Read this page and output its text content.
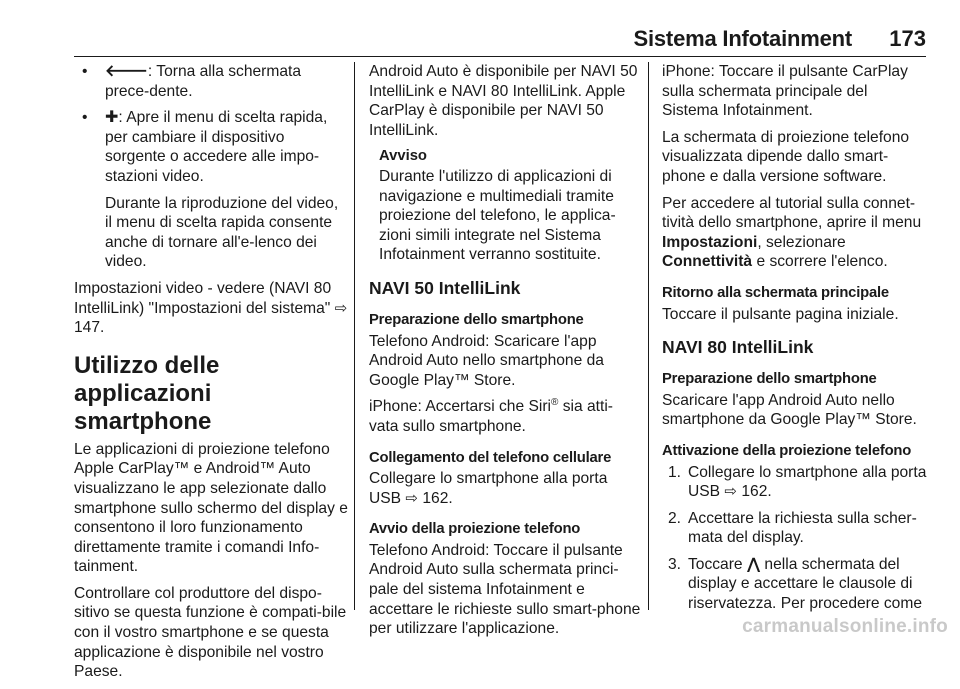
Sistema Infotainment 173
• 🡐: Torna alla schermata prece-dente.
• ✚: Apre il menu di scelta rapida, per cambiare il dispositivo sorgente o accedere alle impo-stazioni video.
Durante la riproduzione del video, il menu di scelta rapida consente anche di tornare all'e-lenco dei video.
Impostazioni video - vedere (NAVI 80 IntelliLink) "Impostazioni del sistema" ⇨ 147.
Utilizzo delle applicazioni smartphone
Le applicazioni di proiezione telefono Apple CarPlay™ e Android™ Auto visualizzano le app selezionate dallo smartphone sullo schermo del display e consentono il loro funzionamento direttamente tramite i comandi Info-tainment.
Controllare col produttore del dispo-sitivo se questa funzione è compati-bile con il vostro smartphone e se questa applicazione è disponibile nel vostro Paese.
Android Auto è disponibile per NAVI 50 IntelliLink e NAVI 80 IntelliLink. Apple CarPlay è disponibile per NAVI 50 IntelliLink.
Avviso
Durante l'utilizzo di applicazioni di navigazione e multimediali tramite proiezione del telefono, le applica-zioni simili integrate nel Sistema Infotainment verranno sostituite.
NAVI 50 IntelliLink
Preparazione dello smartphone
Telefono Android: Scaricare l'app Android Auto nello smartphone da Google Play™ Store.
iPhone: Accertarsi che Siri® sia atti-vata sullo smartphone.
Collegamento del telefono cellulare
Collegare lo smartphone alla porta USB ⇨ 162.
Avvio della proiezione telefono
Telefono Android: Toccare il pulsante Android Auto sulla schermata princi-pale del sistema Infotainment e accettare le richieste sullo smart-phone per utilizzare l'applicazione.
iPhone: Toccare il pulsante CarPlay sulla schermata principale del Sistema Infotainment.
La schermata di proiezione telefono visualizzata dipende dallo smart-phone e dalla versione software.
Per accedere al tutorial sulla connet-tività dello smartphone, aprire il menu Impostazioni, selezionare Connettività e scorrere l'elenco.
Ritorno alla schermata principale
Toccare il pulsante pagina iniziale.
NAVI 80 IntelliLink
Preparazione dello smartphone
Scaricare l'app Android Auto nello smartphone da Google Play™ Store.
Attivazione della proiezione telefono
1. Collegare lo smartphone alla porta USB ⇨ 162.
2. Accettare la richiesta sulla scher-mata del display.
3. Toccare ⋀ nella schermata del display e accettare le clausole di riservatezza. Per procedere come
carmanualsonline.info
